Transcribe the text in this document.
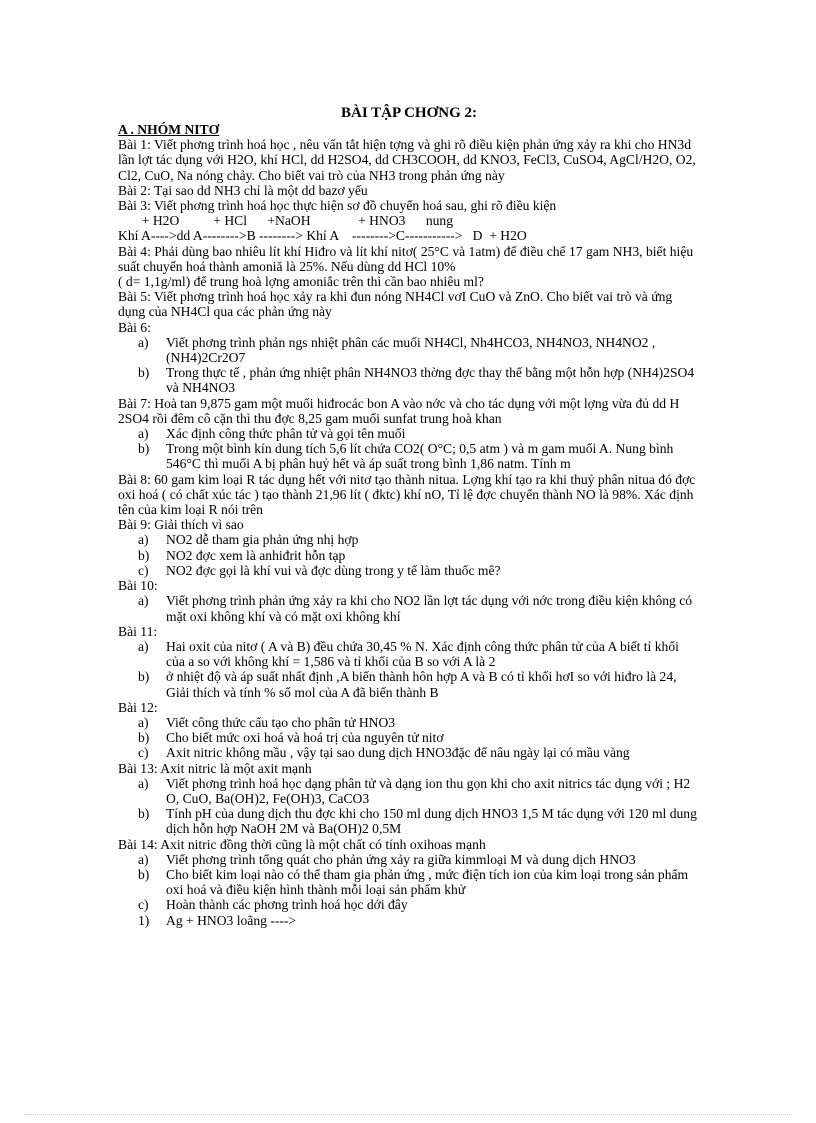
BÀI TẬP CHƠNG 2:

A . NHÓM NITƠ

Bài 1: Viết phơng trình hoá học , nêu vẩn tắt hiện tợng và ghi rõ điều kiện phản ứng xảy ra khi cho HN3d lần lợt tác dụng với H2O, khí HCl, dd H2SO4, dd CH3COOH, dd KNO3, FeCl3, CuSO4, AgCl/H2O, O2, Cl2, CuO, Na nóng chảy. Cho biết vai trò của NH3 trong phản ứng này

Bài 2: Tại sao dd NH3 chỉ là một dd bazơ yếu

Bài 3: Viết phơng trình hoá học thực hiện sơ đồ chuyển hoá sau, ghi rõ điều kiện

+ H2O          + HCl      +NaOH              + HNO3      nung

Khí A---->dd A-------->B --------> Khí A    -------->C----------->   D  + H2O

Bài 4: Phải dùng bao nhiêu lít khí Hiđro và lít khí nitơ( 25°C và 1atm) để điều chế 17 gam NH3, biết hiệu suất chuyển hoá thành amoniă là 25%. Nếu dùng dd HCl 10%

( d= 1,1g/ml) để trung hoà lợng amoniắc trên thì cần bao nhiêu ml?

Bài 5: Viết phơng trình hoá học xảy ra khi đun nóng NH4Cl vơI CuO và ZnO. Cho biết vai trò và ứng dụng của NH4Cl qua các phản ứng này

Bài 6:

a)	Viết phơng trình phản ngs nhiệt phân các muối NH4Cl, Nh4HCO3, NH4NO3, NH4NO2 , (NH4)2Cr2O7
b)	Trong thực tế , phản ứng nhiệt phân NH4NO3 thờng đợc thay thế bằng một hỗn hợp (NH4)2SO4 và NH4NO3

Bài 7: Hoà tan 9,875 gam một muối hiđrocác bon A vào nớc và cho tác dụng với một lợng vừa đủ dd H 2SO4 rồi đêm cô cặn thì thu đợc 8,25 gam muối sunfat trung hoà khan

a)	Xác định công thức phân tử và gọi tên muối
b)	Trong một bình kín dung tích 5,6 lít chứa CO2( O°C; 0,5 atm ) và m gam muối A. Nung bình 546°C thì muối A bị phân huỷ hết và áp suất trong bình 1,86 natm. Tính m

Bài 8: 60 gam kim loại R tác dụng hết với nitơ tạo thành nitua. Lợng khí tạo ra khi thuỷ phân nitua đó đợc oxi hoá ( có chất xúc tác ) tạo thành 21,96 lít ( đktc) khí nO, Tỉ lệ đợc chuyển thành NO là 98%. Xác định tên của kim loại R nói trên

Bài 9: Giải thích vì sao

a)	NO2 dễ tham gia phản ứng nhị hợp
b)	NO2 đợc xem là anhiđrit hỗn tạp
c)	NO2 đợc gọi là khí vui và đợc dùng trong y tế làm thuốc mê?

Bài 10:

a)	Viết phơng trình phản ứng xảy ra khi cho NO2 lần lợt tác dụng với nớc trong điều kiện không có mặt oxi không khí và có mặt oxi không khí

Bài 11:

a)	Hai oxit của nitơ ( A và B) đều chứa 30,45 % N. Xác định công thức phân tử của A biết tỉ khối của a so với không khí = 1,586 và tỉ khối của B so với A là 2
b)	ở nhiệt độ và áp suất nhất định ,A biến thành hôn hợp A và B có tỉ khối hơI so với hiđro là 24, Giải thích và tính % số mol của A đã biến thành B

Bài 12:

a)	Viết công thức cấu tạo cho phân tử HNO3
b)	Cho biết mức oxi hoá và hoá trị của nguyên tử nitơ
c)	Axit nitric không mầu , vậy tại sao dung dịch HNO3đặc để nâu ngày lại có mầu vàng

Bài 13: Axit nitric là một axit mạnh

a)	Viết phơng trình hoá học dạng phân tử và dạng ion thu gọn khi cho axit nitrics tác dụng với ; H2 O, CuO, Ba(OH)2, Fe(OH)3, CaCO3
b)	Tính pH của dung dịch thu đợc khi cho 150 ml dung dịch HNO3 1,5 M tác dụng với 120 ml dung dịch hỗn hợp NaOH 2M và Ba(OH)2 0,5M

Bài 14: Axit nitric đồng thời cũng là một chất có tính oxihoas mạnh

a)	Viết phơng trình tổng quát cho phản ứng xảy ra giữa kimmloại M và dung dịch HNO3
b)	Cho biết kim loại nào có thể tham gia phản ứng , mức điện tích ion của kim loại trong sản phẩm oxi hoá và điều kiện hình thành mỗi loại sản phẩm khử
c)	Hoàn thành các phơng trình hoá học dới đây
1)	Ag + HNO3 loãng ---->
